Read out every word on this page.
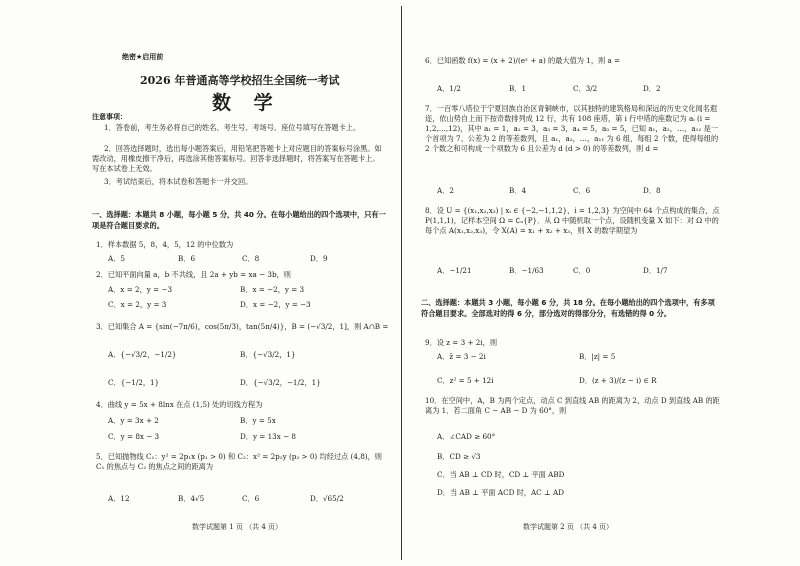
绝密★启用前
2026 年普通高等学校招生全国统一考试
数 学
注意事项：
1．答卷前，考生务必将自己的姓名、考生号、考场号、座位号填写在答题卡上。
2．回答选择题时，选出每小题答案后，用铅笔把答题卡上对应题目的答案标号涂黑。如需改动，用橡皮擦干净后，再选涂其他答案标号。回答非选择题时，将答案写在答题卡上。写在本试卷上无效。
3．考试结束后，将本试卷和答题卡一并交回。
一、选择题：本题共 8 小题，每小题 5 分，共 40 分。在每小题给出的四个选项中，只有一项是符合题目要求的。
1．样本数据 5，8，4，5，12 的中位数为
A．5	B．6	C．8	D．9
2．已知平面向量 a，b 不共线，且 2a + yb = xa − 3b，则
A．x = 2，y = −3	B．x = −2，y = 3
C．x = 2，y = 3	D．x = −2，y = −3
3．已知集合 A = {sin(−7π/6)，cos(5π/3)，tan(5π/4)}，B = (−√3/2，1]，则 A∩B =
A．{−√3/2，−1/2}	B．{−√3/2，1}
C．{−1/2，1}	D．{−√3/2，−1/2，1}
4．曲线 y = 5x + 8lnx 在点 (1,5) 处的切线方程为
A．y = 3x + 2	B．y = 5x
C．y = 8x − 3	D．y = 13x − 8
5．已知抛物线 C₁：y² = 2p₁x (p₁ > 0) 和 C₂：x² = 2p₂y (p₂ > 0) 均经过点 (4,8)，则 C₁ 的焦点与 C₂ 的焦点之间的距离为
A．12	B．4√5	C．6	D．√65/2
数学试题第 1 页 （共 4 页）
6．已知函数 f(x) = (x + 2)/(eˣ + a) 的最大值为 1，则 a =
A．1/2	B．1	C．3/2	D．2
7．一百零八塔位于宁夏回族自治区青铜峡市，以其独特的建筑格局和深远的历史文化闻名遐迩，依山势自上而下按奇数排列成 12 行，共有 108 座塔，第 i 行中塔的座数记为 aᵢ (i = 1,2,…,12)，其中 a₁ = 1，a₂ = 3，a₃ = 3，a₄ = 5，a₅ = 5，已知 a₁，a₂，…，a₁₂ 是一个首项为 7、公差为 2 的等差数列，且 a₁，a₃，…，a₁₁ 为 6 组，每组 2 个数，使得每组的 2 个数之和可构成一个项数为 6 且公差为 d (d > 0) 的等差数列，则 d =
A．2	B．4	C．6	D．8
8．设 U = {(x₁,x₂,x₃) | xᵢ ∈ {−2,−1,1,2}，i = 1,2,3} 为空间中 64 个点构成的集合，点 P(1,1,1)，记样本空间 Ω = ∁ᵤ{P}．从 Ω 中随机取一个点，设随机变量 X 如下：对 Ω 中的每个点 A(x₁,x₂,x₃)，令 X(A) = x₁ + x₂ + x₃，则 X 的数学期望为
A．−1/21	B．−1/63	C．0	D．1/7
二、选择题：本题共 3 小题，每小题 6 分，共 18 分。在每小题给出的四个选项中，有多项符合题目要求。全部选对的得 6 分，部分选对的得部分分，有选错的得 0 分。
9．设 z = 3 + 2i，则
A．z̄ = 3 − 2i	B．|z| = 5
C．z² = 5 + 12i	D．(z + 3)/(z − i) ∈ R
10．在空间中，A，B 为两个定点，动点 C 到直线 AB 的距离为 2，动点 D 到直线 AB 的距离为 1．若二面角 C − AB − D 为 60°，则
A．∠CAD ≥ 60°
B．CD ≥ √3
C．当 AB ⊥ CD 时，CD ⊥ 平面 ABD
D．当 AB ⊥ 平面 ACD 时，AC ⊥ AD
数学试题第 2 页 （共 4 页）
